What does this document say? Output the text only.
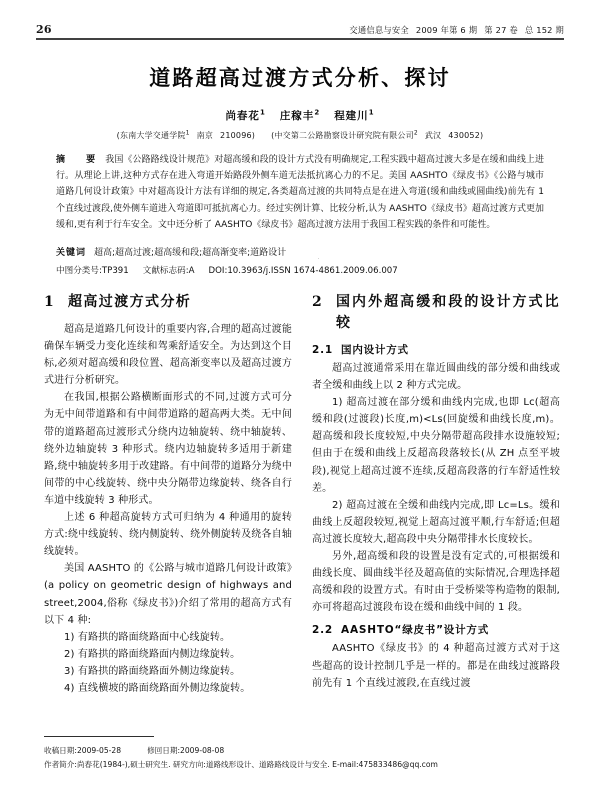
26	交通信息与安全 2009 年第 6 期 第 27 卷 总 152 期
道路超高过渡方式分析、探讨
尚春花$^1$ 庄稼丰$^2$ 程建川$^1$
(东南大学交通学院$^1$ 南京 210096) (中交第二公路勘察设计研究院有限公司$^2$ 武汉 430052)

摘　要 我国《公路路线设计规范》对超高缓和段的设计方式没有明确规定,工程实践中超高过渡大多是在缓和曲线上进行。从理论上讲,这种方式存在进入弯道开始路段外侧车道无法抵抗离心力的不足。美国 AASHTO《绿皮书》《公路与城市道路几何设计政策》中对超高设计方法有详细的规定,各类超高过渡的共同特点是在进入弯道(缓和曲线或圆曲线)前先有 1 个直线过渡段,使外侧车道进入弯道即可抵抗离心力。经过实例计算、比较分析,认为 AASHTO《绿皮书》超高过渡方式更加缓和,更有利于行车安全。文中还分析了 AASHTO《绿皮书》超高过渡方法用于我国工程实践的条件和可能性。

关键词 超高;超高过渡;超高缓和段;超高渐变率;道路设计
中图分类号:TP391 文献标志码:A DOI:10.3963/j.ISSN 1674-4861.2009.06.007
1 超高过渡方式分析

超高是道路几何设计的重要内容,合理的超高过渡能确保车辆受力变化连续和驾乘舒适安全。为达到这个目标,必须对超高缓和段位置、超高渐变率以及超高过渡方式进行分析研究。

在我国,根据公路横断面形式的不同,过渡方式可分为无中间带道路和有中间带道路的超高两大类。无中间带的道路超高过渡形式分绕内边轴旋转、绕中轴旋转、绕外边轴旋转 3 种形式。绕内边轴旋转多适用于新建路,绕中轴旋转多用于改建路。有中间带的道路分为绕中间带的中心线旋转、绕中央分隔带边缘旋转、绕各自行车道中线旋转 3 种形式。

上述 6 种超高旋转方式可归纳为 4 种通用的旋转方式:绕中线旋转、绕内侧旋转、绕外侧旋转及绕各自轴线旋转。

美国 AASHTO 的《公路与城市道路几何设计政策》(a policy on geometric design of highways and street,2004,俗称《绿皮书》)介绍了常用的超高方式有以下 4 种:

1) 有路拱的路面绕路面中心线旋转。

2) 有路拱的路面绕路面内侧边缘旋转。

3) 有路拱的路面绕路面外侧边缘旋转。

4) 直线横坡的路面绕路面外侧边缘旋转。

2 国内外超高缓和段的设计方式比较
2.1 国内设计方式

超高过渡通常采用在靠近圆曲线的部分缓和曲线或者全缓和曲线上以 2 种方式完成。

1) 超高过渡在部分缓和曲线内完成,也即 Lc(超高缓和段(过渡段)长度,m)<Ls(回旋缓和曲线长度,m)。超高缓和段长度较短,中央分隔带超高段排水设施较短;但由于在缓和曲线上反超高段落较长(从 ZH 点至平坡段),视觉上超高过渡不连续,反超高段落的行车舒适性较差。

2) 超高过渡在全缓和曲线内完成,即 Lc=Ls。缓和曲线上反超段较短,视觉上超高过渡平顺,行车舒适;但超高过渡长度较大,超高段中央分隔带排水长度较长。

另外,超高缓和段的设置是没有定式的,可根据缓和曲线长度、圆曲线半径及超高值的实际情况,合理选择超高缓和段的设置方式。有时由于受桥梁等构造物的限制,亦可将超高过渡段布设在缓和曲线中间的 1 段。

2.2 AASHTO“绿皮书”设计方式

AASHTO《绿皮书》的 4 种超高过渡方式对于这些超高的设计控制几乎是一样的。都是在曲线过渡路段前先有 1 个直线过渡段,在直线过渡

收稿日期:2009-05-28	修回日期:2009-08-08
作者简介:尚春花(1984-),硕士研究生. 研究方向:道路线形设计、道路路线设计与安全. E-mail:475833486@qq.com
